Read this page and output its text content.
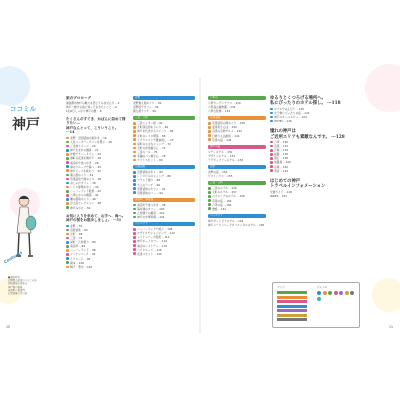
ココミル
神戸
Contents
■表紙写真
北野異人館街のうろこの家
旧居留地の街並み
神戸港の夜景
南京町の長安門
有馬温泉の金の湯
旅のプロローグ
港湾都市神戸の魅力を感じてみませんか ···4
神戸へ旅する前に知っておきたいこと ···6
1泊2日しっかり神戸の旅 ···8
たくさんのすてき、かばんに詰めて帰りたい…
神戸なんとって、こういうこと。 ···14
北野・旧居留地の街歩き ···16
人気ベーカリーでパンを選ぶ ···18
ご当地スイーツ ···20
神戸生まれの雑貨 ···22
洋館でティータイム ···24
港町の夜景を眺めて ···26
南京町で食べ歩き ···28
港のクルーズで海へ ···30
神戸ビーフを味わう ···32
異人館めぐり ···34
有馬温泉で湯めぐり ···36
おしゃれカフェ ···38
レトロ建築を歩く ···40
ハーバーランド散策 ···42
六甲山からの眺望 ···44
灘の酒蔵めぐり ···46
お土産セレクション ···48
神戸みやげ ···50
お気に入りを求めて、山手へ、海へ。
神戸の街をお散歩しましょ。 ···51
北野 ···52
旧居留地 ···60
元町 ···68
三宮 ···74
栄町・乙仲通り ···80
南京町 ···84
ハーバーランド ···88
メリケンパーク ···92
トアロード ···96
岡本 ···100
舞子・垂水 ···104
北野
北野異人館めぐり ···50
北野坂でカフェ ···54
異人館ランチ ···56
三宮・元町
三宮センター街 ···62
元町商店街をぶらり ···64
神戸を代表するスイーツ ···66
元町のレトロ喫茶 ···68
トアウエストで雑貨探し ···70
栄町の小さなショップ ···72
元町の洋食屋さん ···74
三宮のバル ···76
老舗のパン屋さん ···78
ナイトスポット ···80
旧居留地
旧居留地を歩く ···84
レトロビルのショップ ···86
ブランド通り ···88
大人のランチ ···90
旧居留地のカフェ ···92
旧居留地のバー ···94
南京町・海岸通
南京町で食べ歩き ···98
海岸通のカフェ ···100
乙仲通りの雑貨 ···102
神戸の中華料理 ···104
ベイエリア
ハーバーランドで遊ぶ ···108
モザイクでショッピング ···110
メリケンパーク散策 ···112
神戸ポートタワー ···114
海辺のレストラン ···116
ベイクルーズ ···118
夜景スポット ···120
10
六甲山
六甲ガーデンテラス ···130
六甲高山植物園 ···132
六甲山牧場 ···134
有馬温泉
有馬温泉の湯めぐり ···138
温泉街さんぽ ···140
有馬の名物グルメ ···142
日帰り入浴施設 ···144
有馬の宿 ···146
神戸の宿
シティホテル ···150
デザインホテル ···151
ラグジュアリーホテル ···152
北野
北野の宿 ···154
ゲストハウス ···155
三宮・元町
三宮のホテル ···156
元町のホテル ···157
ベイエリアのホテル ···158
有馬の宿 ···159
六甲の宿 ···160
旅館 ···161
ベイエリア
神戸ポートピアホテル ···164
神戸メリケンパークオリエンタルホテル ···165
ゆるりとくつろげる場所へ。
私にぴったりのホテル探し。 ···118
ホテルでのんびり ···120
女子旅にぴったりの宿 ···122
神戸のオーベルジュ ···124
HOTEL ···126
憧れの神戸は
ご近所エリアも素敵なんです。 ···128
六甲 ···130
有馬 ···132
芦屋 ···134
姫路 ···136
明石 ···138
淡路島 ···140
宝塚 ···142
西宮 ···144
はじめての神戸
トラベルインフォメーション
交通ガイド ···146
INDEX ···152
マップ	ジャンル
11
